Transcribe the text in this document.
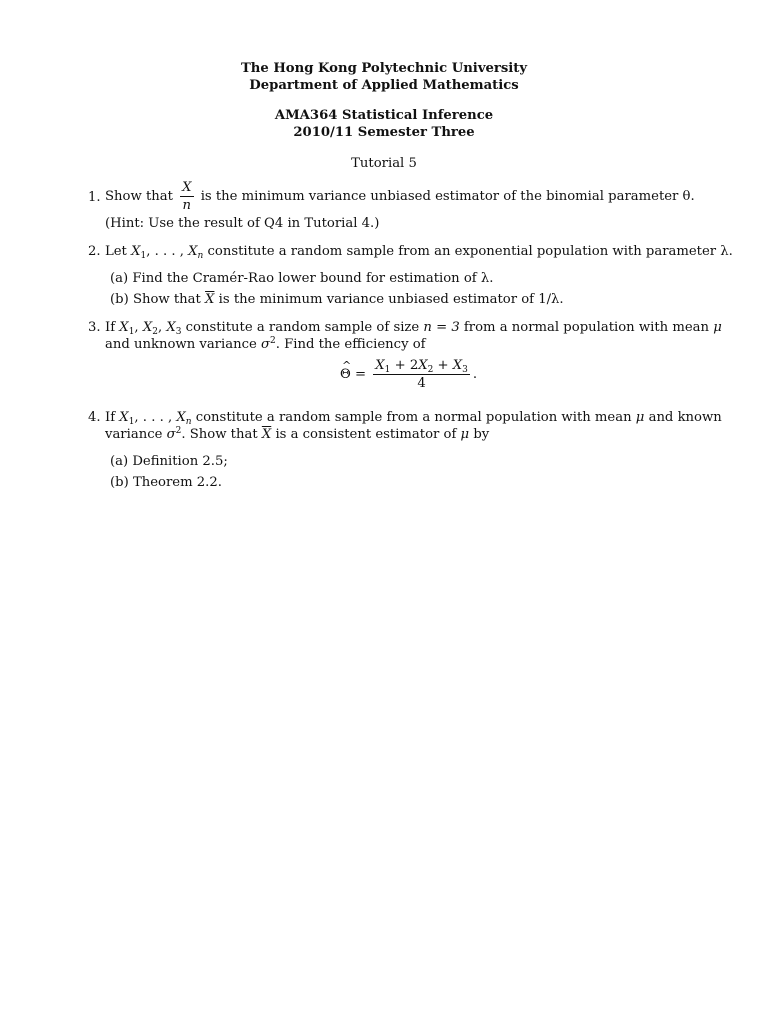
The Hong Kong Polytechnic University
Department of Applied Mathematics
AMA364 Statistical Inference
2010/11 Semester Three
Tutorial 5
1. Show that $\frac{X}{n}$ is the minimum variance unbiased estimator of the binomial parameter θ.
(Hint: Use the result of Q4 in Tutorial 4.)
2. Let $X_1$, . . . , $X_n$ constitute a random sample from an exponential population with parameter λ.
(a) Find the Cramér-Rao lower bound for estimation of λ.
(b) Show that $\overline{X}$ is the minimum variance unbiased estimator of 1/λ.
3. If $X_1$, $X_2$, $X_3$ constitute a random sample of size n = 3 from a normal population with mean μ
and unknown variance $\sigma^2$. Find the efficiency of
^ $\Theta = \frac{X_1 + 2X_2 + X_3}{4}$ .
4. If $X_1$, . . . , $X_n$ constitute a random sample from a normal population with mean μ and known
variance $\sigma^2$. Show that $\overline{X}$ is a consistent estimator of μ by
(a) Definition 2.5;
(b) Theorem 2.2.
